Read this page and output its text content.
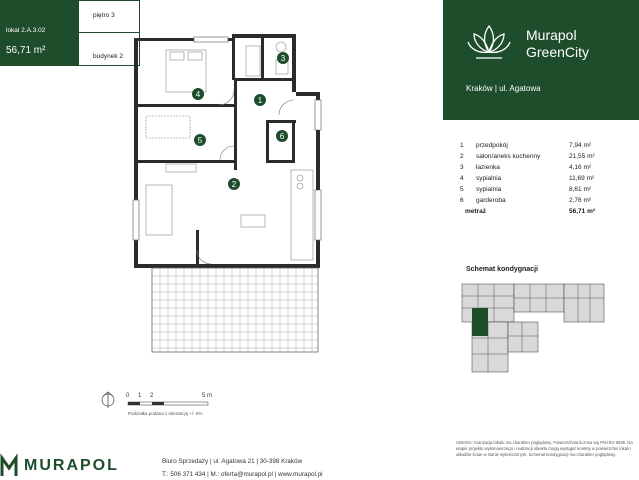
lokal 2.A.3.02
56,71 m²
piętro 3
budynek 2
1
2
3
4
5	6
Murapol
GreenCity
Kraków | ul. Agatowa
1 przedpokój	7,94 m²
2 salon/aneks kuchenny	21,55 m²
3 łazienka	4,16 m²
4 sypialnia	11,69 m²
5 sypialnia	8,61 m²
6 garderoba	2,76 m²
metraż	56,71 m²
Schemat kondygnacji
0 1 2	5 m
Podziałka podana z tolerancją +/- 5%
MURAPOL	Biuro Sprzedaży | ul. Agatowa 21 | 30-398 Kraków
T.: 506 371 434 | M.: oferta@murapol.pl | www.murapol.pl
UWAGA: Aranżacja lokalu ma charakter poglądowy. Powierzchnia liczona wg PN-ISO 9836. Na etapie projektu wykonawczego i realizacji obiektu mogą wystąpić korekty w powierzchni lokali i układzie ścian w stanie wykończonym. Schemat kondygnacji ma charakter poglądowy.
